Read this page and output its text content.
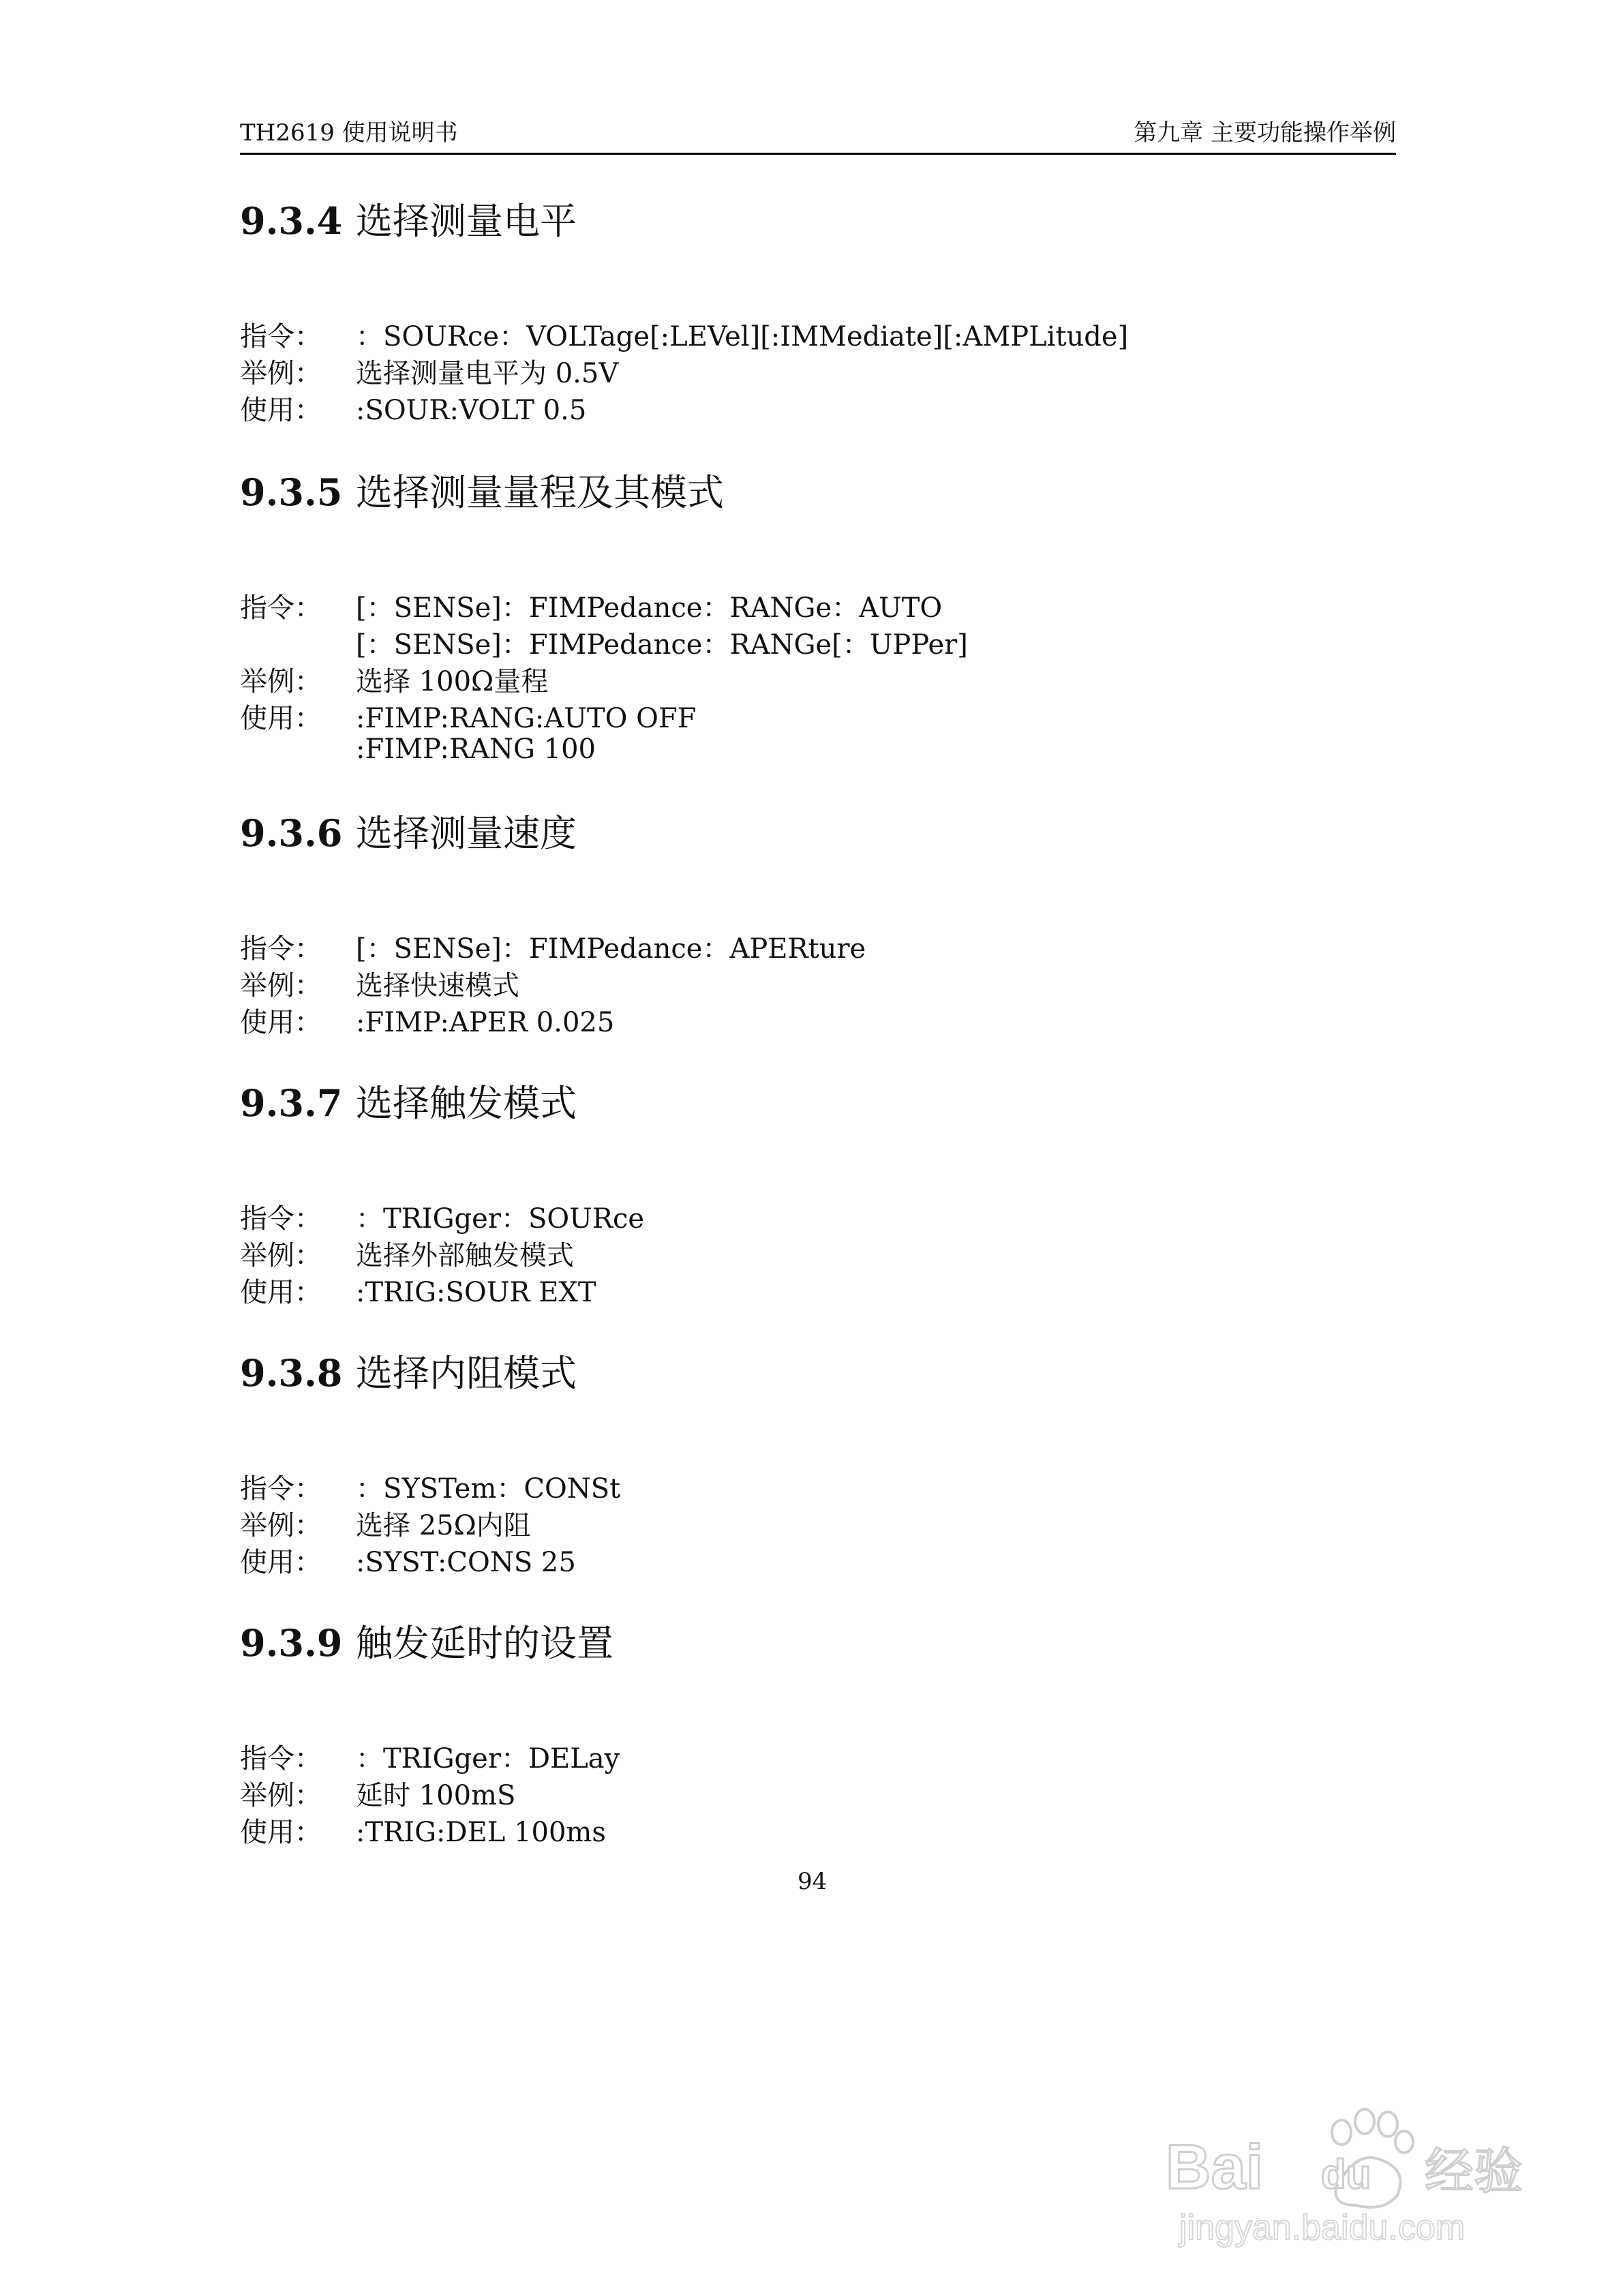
TH2619 使用说明书	第九章 主要功能操作举例
9.3.4 选择测量电平
指令： ：SOURce：VOLTage[:LEVel][:IMMediate][:AMPLitude]
举例： 选择测量电平为 0.5V
使用： :SOUR:VOLT 0.5
9.3.5 选择测量量程及其模式
指令： [：SENSe]：FIMPedance：RANGe：AUTO
[：SENSe]：FIMPedance：RANGe[：UPPer]
举例： 选择 100Ω量程
使用： :FIMP:RANG:AUTO OFF
:FIMP:RANG 100
9.3.6 选择测量速度
指令： [：SENSe]：FIMPedance：APERture
举例： 选择快速模式
使用： :FIMP:APER 0.025
9.3.7 选择触发模式
指令： ：TRIGger：SOURce
举例： 选择外部触发模式
使用： :TRIG:SOUR EXT
9.3.8 选择内阻模式
指令： ：SYSTem：CONSt
举例： 选择 25Ω内阻
使用： :SYST:CONS 25
9.3.9 触发延时的设置
指令： ：TRIGger：DELay
举例： 延时 100mS
使用： :TRIG:DEL 100ms
94
Bai du 经验
jingyan.baidu.com
